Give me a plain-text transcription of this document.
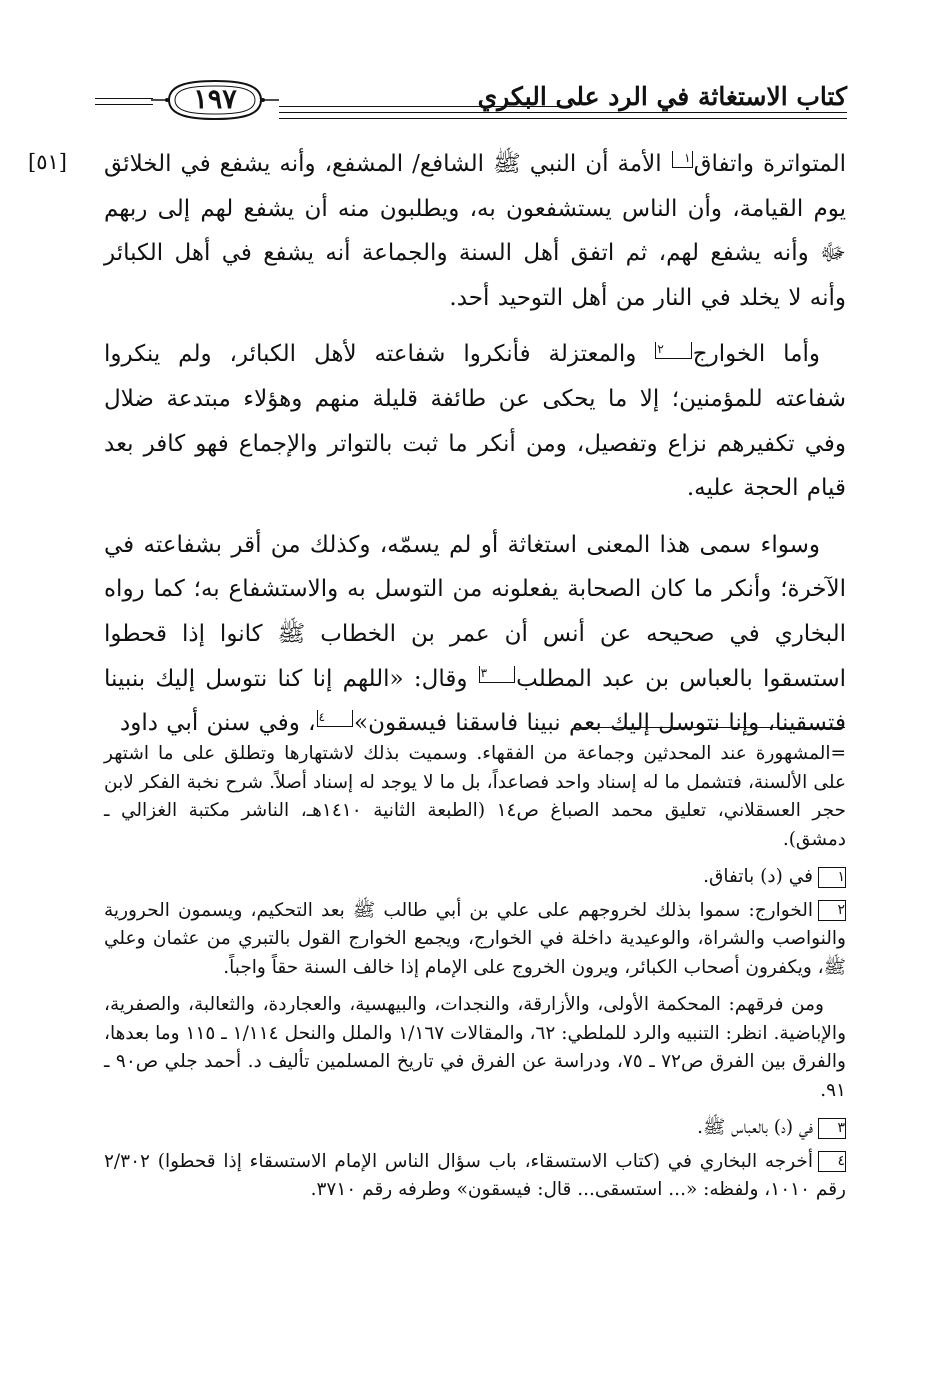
كتاب الاستغاثة في الرد على البكري
١٩٧
[٥١]	المتواترة واتفاق١ الأمة أن النبي ﷺ الشافع/ المشفع، وأنه يشفع في الخلائق يوم القيامة، وأن الناس يستشفعون به، ويطلبون منه أن يشفع لهم إلى ربهم ﷻ وأنه يشفع لهم، ثم اتفق أهل السنة والجماعة أنه يشفع في أهل الكبائر وأنه لا يخلد في النار من أهل التوحيد أحد.

وأما الخوارج٢ والمعتزلة فأنكروا شفاعته لأهل الكبائر، ولم ينكروا شفاعته للمؤمنين؛ إلا ما يحكى عن طائفة قليلة منهم وهؤلاء مبتدعة ضلال وفي تكفيرهم نزاع وتفصيل، ومن أنكر ما ثبت بالتواتر والإجماع فهو كافر بعد قيام الحجة عليه.

وسواء سمى هذا المعنى استغاثة أو لم يسمّه، وكذلك من أقر بشفاعته في الآخرة؛ وأنكر ما كان الصحابة يفعلونه من التوسل به والاستشفاع به؛ كما رواه البخاري في صحيحه عن أنس أن عمر بن الخطاب ﷺ كانوا إذا قحطوا استسقوا بالعباس بن عبد المطلب٣ وقال: «اللهم إنا كنا نتوسل إليك بنبينا فتسقينا، وإنا نتوسل إليك بعم نبينا فاسقنا فيسقون»٤، وفي سنن أبي داود

=المشهورة عند المحدثين وجماعة من الفقهاء. وسميت بذلك لاشتهارها وتطلق على ما اشتهر على الألسنة، فتشمل ما له إسناد واحد فصاعداً، بل ما لا يوجد له إسناد أصلاً. شرح نخبة الفكر لابن حجر العسقلاني، تعليق محمد الصباغ ص١٤ (الطبعة الثانية ١٤١٠هـ، الناشر مكتبة الغزالي ـ دمشق).

١في (د) باتفاق.

٢الخوارج: سموا بذلك لخروجهم على علي بن أبي طالب ﷺ بعد التحكيم، ويسمون الحرورية والنواصب والشراة، والوعيدية داخلة في الخوارج، ويجمع الخوارج القول بالتبري من عثمان وعلي ﷺ، ويكفرون أصحاب الكبائر، ويرون الخروج على الإمام إذا خالف السنة حقاً واجباً.

ومن فرقهم: المحكمة الأولى، والأزارقة، والنجدات، والبيهسية، والعجاردة، والثعالبة، والصفرية، والإباضية. انظر: التنبيه والرد للملطي: ٦٢، والمقالات ١/١٦٧ والملل والنحل ١/١١٤ ـ ١١٥ وما بعدها، والفرق بين الفرق ص٧٢ ـ ٧٥، ودراسة عن الفرق في تاريخ المسلمين تأليف د. أحمد جلي ص٩٠ ـ ٩١.

٣في (د) بالعباس ﷺ.

٤أخرجه البخاري في (كتاب الاستسقاء، باب سؤال الناس الإمام الاستسقاء إذا قحطوا) ٢/٣٠٢ رقم ١٠١٠، ولفظه: «... استسقى... قال: فيسقون» وطرفه رقم ٣٧١٠.
